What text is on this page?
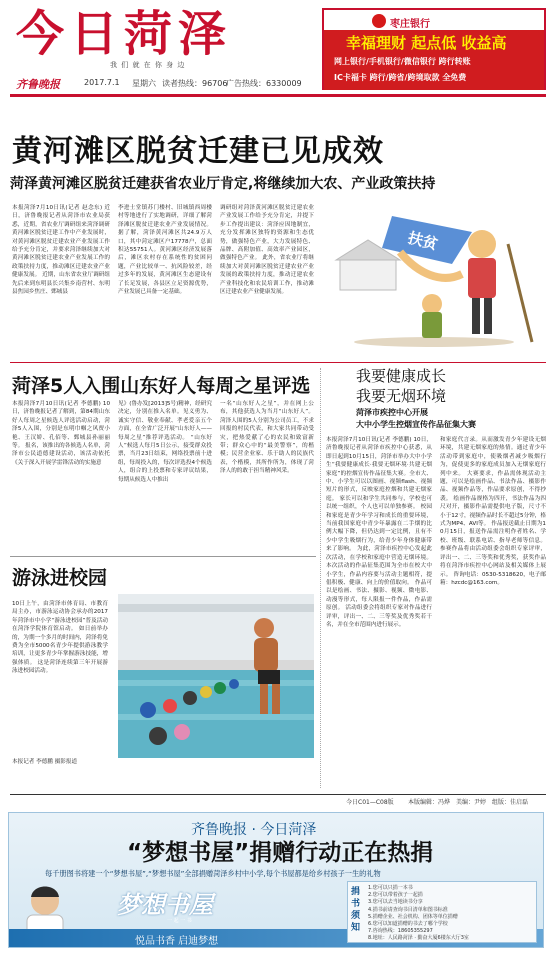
今日菏泽
我 们 就 在 你 身 边
齐鲁晚报	2017.7.1 星期六 读者热线：96706
广告热线：6330009
枣庄银行
幸福理财 起点低 收益高
网上银行/手机银行/微信银行 跨行转账
IC卡福卡 跨行/跨省/跨境取款 全免费
黄河滩区脱贫迁建已见成效
菏泽黄河滩区脱贫迁建获省农业厅肯定,将继续加大农、产业政策扶持
本报菏泽7月10日讯(记者 赵念东) 近日，济鲁晚报记者从菏泽市农业局获悉，近期，省农业厅调研组来菏泽调研黄河滩区脱贫迁建工作中产业发展时，对黄河滩区脱贫迁建农业产业发展工作给予充分肯定，并要求菏泽继续加大对黄河滩区脱贫迁建农业产业发展工作的政策扶持力度，推动滩区迁建农业产业健康发展。 近期，山东省农业厅调研组先后来到东明县长兴集乡南营村、东明县焦园乡焦庄、鄄城县
李进士堂镇苏门楼村、旧城镇西周楼村等地进行了实地调研，详细了解菏泽滩区脱贫迁建农业产业发展情况。 据了解，菏泽黄河滩区共24.9万人口，其中菏定滩区户17778户，总面积达55751人。黄河滩区经济发展落后，滩区农村存在系统性的贫困问题，产业比较单一、抗风险较差，经过多年的发展，黄河滩区生态建设有了长足发展，各县区立足资源优势，产业发展已具备一定基础。
调研组对菏泽黄河滩区脱贫迁建农业产业发展工作给予充分肯定，并提下步工作提出建议：菏泽应因地制宜，充分发挥滩区独特的资源和生态优势，做强特色产业，大力发展特色、品牌、高附加值、高效率产业园区，做强特色产业。 此外，省农业厅将继续加大对黄河滩区脱贫迁建农业产业发展的政策扶持力度，推动迁建农业产业科技化和农民培训工作，推动滩区迁建农业产业健康发展。
扶贫
菏泽5人入围山东好人每周之星评选
本报菏泽7月10日讯(记者 李德鹏) 10日，济鲁晚报记者了解到，第84期山东好人每周之星候选人评选活动启动，菏泽5人入围，分别是东明巾帼之风贾小艳、王汉娇、孔佰等、鄄城县孙丽丽等。 报名，该推出的各候选人名单，菏泽市公民道德建设活动，该活动依托《关于深入开展学雷锋活动的实施意
见》(鲁办发[2013]5号)精神，经研究决定，分别在推入名单。见义勇为、诚实守信、敬业奉献、孝老爱亲五个方面，在全省广泛开展“山东好人——每周之星”推荐评选活动。 “山东好人”候选人每月5日公示，接受群众投票，当月23日结束，网络投票前十进组，每周投入的，每次评选投4个候选人，组合的上投票和专家评议结果，每期从候选人中推出
一名“山东好人之星”，并在网上公布，其他获选人为当月“山东好人”。 菏泽人围的5人分别为公司员工，不求回报的村民代表，和大家共同带动受灾，把热爱献了心的农民和致富新带；群众心中的“最美警察”，的楷模；民营企业家、乐于助人的民族代表，个楷模，其所作所为，体现了菏泽人的的敢于担当精神风采。
我要健康成长
我要无烟环境
菏泽市疾控中心开展
大中小学生控烟宣传作品征集大赛
本报菏泽7月10日讯(记者 李德鹏) 10日，济鲁晚报记者从菏泽市疾控中心获悉，从即日起到10月15日，菏泽市举办大中小学生“我要健康成长·我要无烟环境·共建无烟家庭”的控烟宣传作品征集大赛。全市大、中、小学生可以以图画、视频flash、视频短片的形式，反映家庭控烟和共建无烟家庭。 家长可以和学生共同参与，学校也可以统一组织，个人也可以单独参赛。 校园和家庭是青少年学习和成长的重要环境，当前我国家庭中青少年暴露在二手烟的比例大幅下降，但仍达到一定比例，且有不少中学生吸烟行为，给青少年身体健康带来了影响。 为此，菏泽市疾控中心发起此次活动，在学校和家庭中营造无烟环境。 本次活动的作品征集范围为全市在校大中小学生，作品内容要与活动主题相符，提倡积极、健康、向上的价值取向。 作品可以是绘画、书法、摄影、视频、微电影、动漫等形式，每人限报一件作品，作品需原创。 活动组委会将组织专家对作品进行评审，评出一、二、三等奖及优秀奖若干名，并在全市范围内进行展示。
和家庭代言录。从而激发青少年建设无烟环境，共建无烟家庭的热情。通过青少年活动带到家庭中，使吸烟者减少吸烟行为，促使更多的家庭成员加入无烟家庭行列中来。 大赛要求，作品需体现活动主题，可以是绘画作品、书法作品、摄影作品、视频作品等，作品要求原创，不得抄袭。 绘画作品规格为四开，书法作品为四尺对开，摄影作品需提供电子版，尺寸不小于12寸，视频作品时长不超过5分钟，格式为MP4、AVI等。 作品报送截止日期为10月15日，报送作品需注明作者姓名、学校、班级、联系电话、指导老师等信息。参赛作品将由活动组委会组织专家评审，评出一、二、三等奖和优秀奖，获奖作品将在菏泽市疾控中心网站及相关媒体上展示。 咨询电话：0530-5318620，电子邮箱：hzcdc@163.com。
游泳进校园
10日上午，由菏泽市体育局、市教育局主办，市游泳运动协会承办的2017年菏泽市中小学“游泳进校园”普及活动在菏泽学院体育馆启动。 如日前举办的，为期一个多月的时间内，菏泽将免费为全市5000名青少年提供游泳教学培训，让更多青少年掌握游泳技能，增强体质。 这是菏泽连续第三年开展游泳进校园活动。
本报记者 李德鹏 摄影报道
今日C01—C08版 本版编辑：冯烨 美编：尹婷 组版：佳启磊
齐鲁晚报 · 今日菏泽
“梦想书屋”捐赠行动正在热捐
每千册图书将建一个“梦想书屋”,“梦想书屋”全部捐赠菏泽乡村中小学,每个书屋都是给乡村孩子一生的礼物
梦想书屋
一 起 一 书
悦品书香 启迪梦想
捐书须知
1.您可以只捐一本书
2.您可以带着孩子一起捐
3.您可以去当地读书分享
4.捐书前请查询书目清单和图书标准
5.捐赠企业、社会机构、团体等单位捐赠
6.您可以知道捐赠的书去了哪个学校
7.咨询热线：18605355297
8.地址：人民路菏泽 · 勤奋大厦6楼东大厅3室
